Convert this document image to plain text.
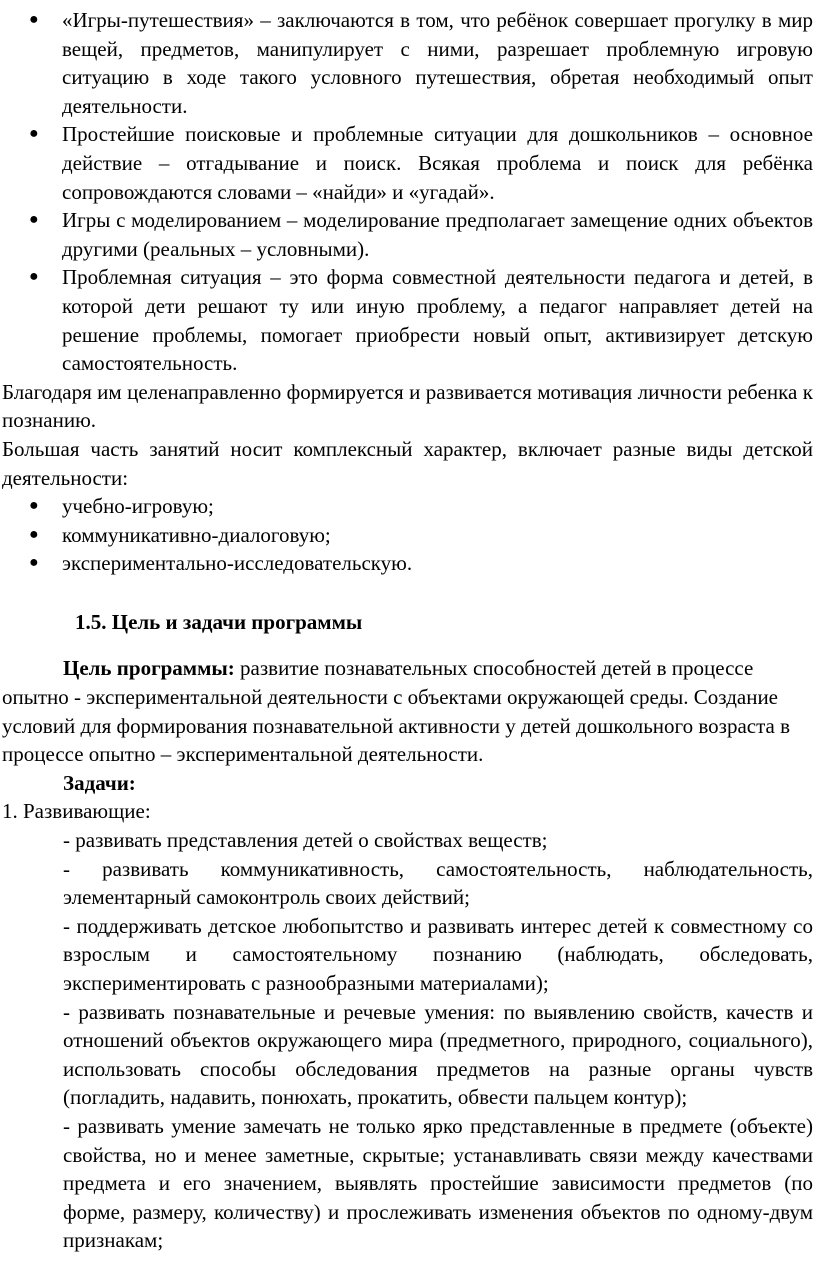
● «Игры-путешествия» – заключаются в том, что ребёнок совершает прогулку в мир вещей, предметов, манипулирует с ними, разрешает проблемную игровую ситуацию в ходе такого условного путешествия, обретая необходимый опыт деятельности.
● Простейшие поисковые и проблемные ситуации для дошкольников – основное действие – отгадывание и поиск. Всякая проблема и поиск для ребёнка сопровождаются словами – «найди» и «угадай».
● Игры с моделированием – моделирование предполагает замещение одних объектов другими (реальных – условными).
● Проблемная ситуация – это форма совместной деятельности педагога и детей, в которой дети решают ту или иную проблему, а педагог направляет детей на решение проблемы, помогает приобрести новый опыт, активизирует детскую самостоятельность.

Благодаря им целенаправленно формируется и развивается мотивация личности ребенка к познанию.

Большая часть занятий носит комплексный характер, включает разные виды детской деятельности:

● учебно-игровую;
● коммуникативно-диалоговую;
● экспериментально-исследовательскую.
1.5. Цель и задачи программы

Цель программы: развитие познавательных способностей детей в процессе опытно - экспериментальной деятельности с объектами окружающей среды. Создание условий для формирования познавательной активности у детей дошкольного возраста в процессе опытно – экспериментальной деятельности.

Задачи:
1. Развивающие:
- развивать представления детей о свойствах веществ;
- развивать коммуникативность, самостоятельность, наблюдательность, элементарный самоконтроль своих действий;
- поддерживать детское любопытство и развивать интерес детей к совместному со взрослым и самостоятельному познанию (наблюдать, обследовать, экспериментировать с разнообразными материалами);
- развивать познавательные и речевые умения: по выявлению свойств, качеств и отношений объектов окружающего мира (предметного, природного, социального), использовать способы обследования предметов на разные органы чувств (погладить, надавить, понюхать, прокатить, обвести пальцем контур);
- развивать умение замечать не только ярко представленные в предмете (объекте) свойства, но и менее заметные, скрытые; устанавливать связи между качествами предмета и его значением, выявлять простейшие зависимости предметов (по форме, размеру, количеству) и прослеживать изменения объектов по одному-двум признакам;
